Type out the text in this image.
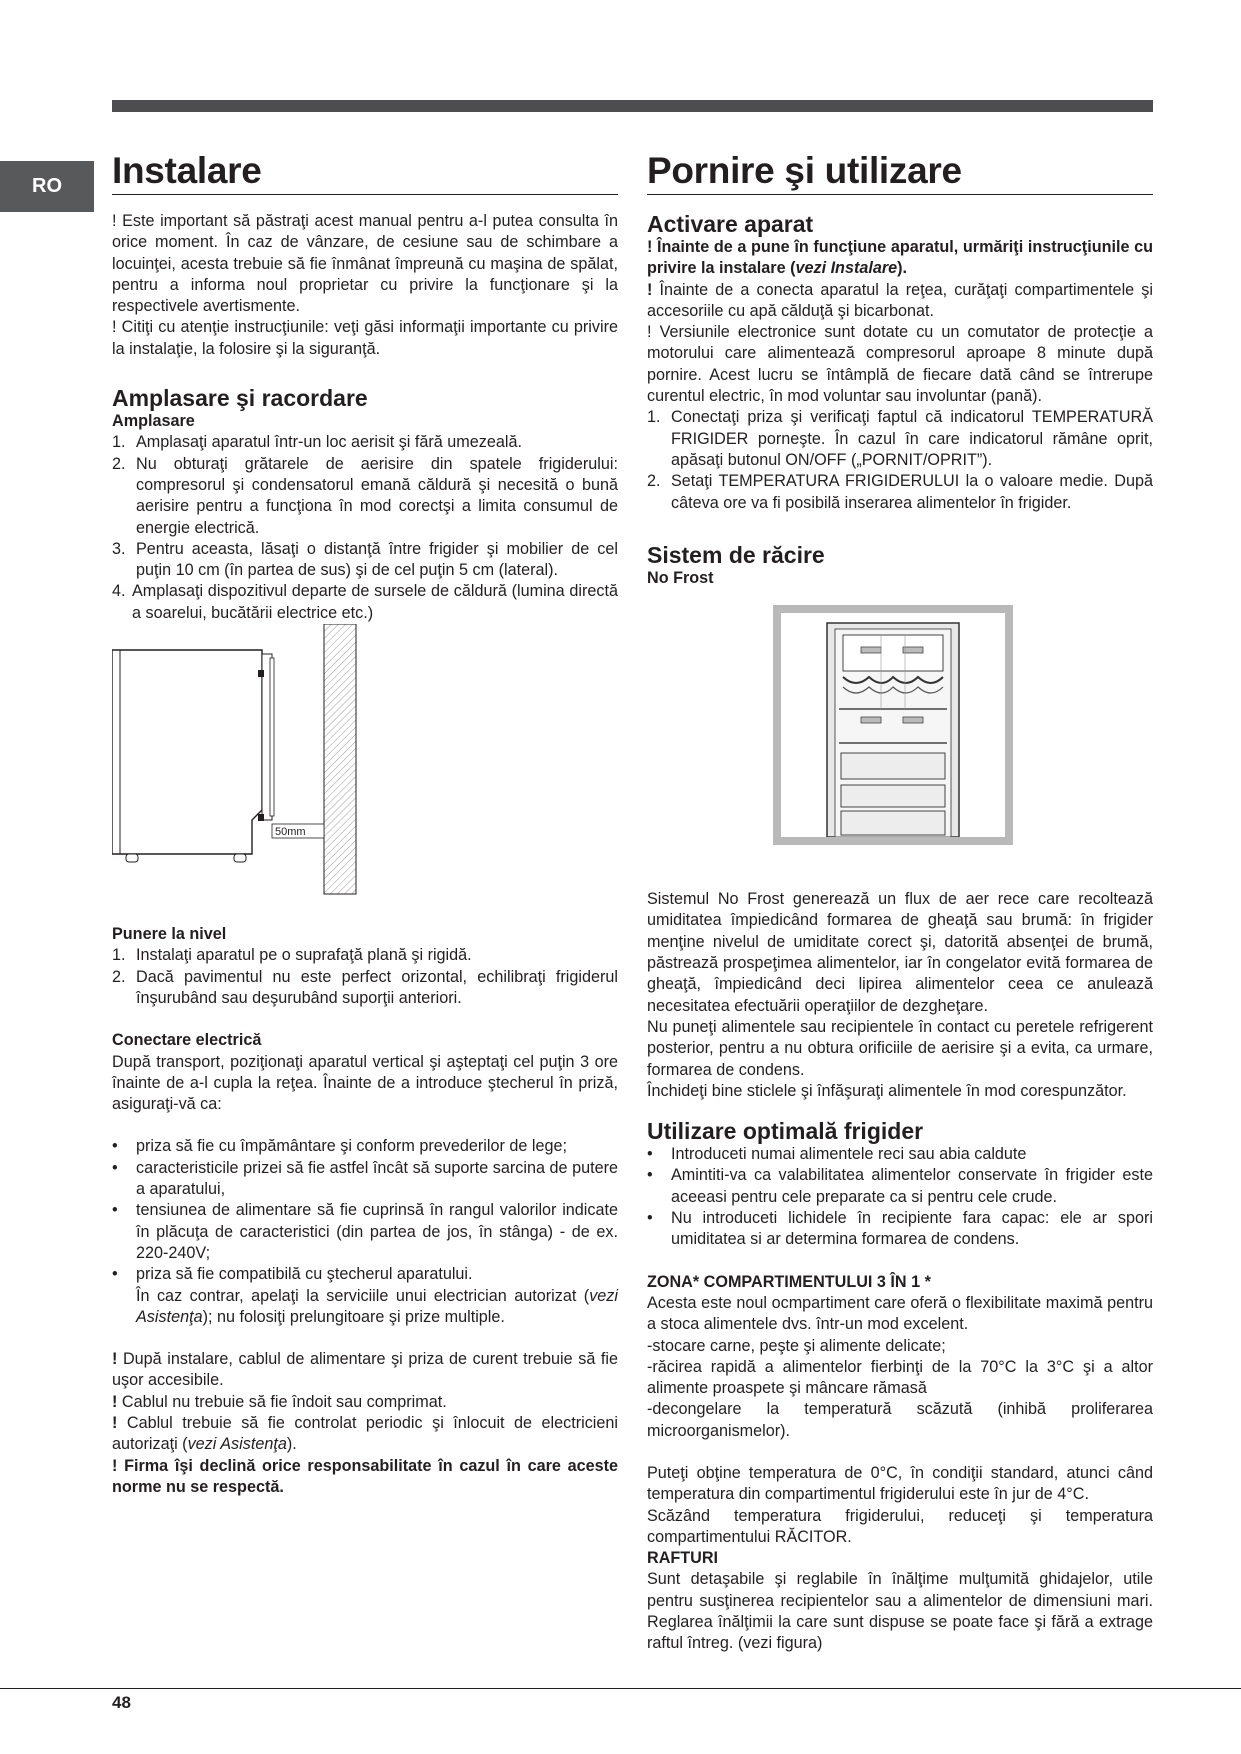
RO Instalare

! Este important să păstraţi acest manual pentru a-l putea consulta în orice moment. În caz de vânzare, de cesiune sau de schimbare a locuinţei, acesta trebuie să fie înmânat împreună cu maşina de spălat, pentru a informa noul proprietar cu privire la funcţionare şi la respectivele avertismente.

! Citiţi cu atenţie instrucţiunile: veţi găsi informaţii importante cu privire la instalaţie, la folosire şi la siguranţă.

Amplasare şi racordare

Amplasare

1. Amplasaţi aparatul într-un loc aerisit şi fără umezeală.
2. Nu obturaţi grătarele de aerisire din spatele frigiderului: compresorul şi condensatorul emană căldură şi necesită o bună aerisire pentru a funcţiona în mod corectşi a limita consumul de energie electrică.
3. Pentru aceasta, lăsaţi o distanţă între frigider şi mobilier de cel puţin 10 cm (în partea de sus) şi de cel puţin 5 cm (lateral).
4. Amplasaţi dispozitivul departe de sursele de căldură (lumina directă a soarelui, bucătării electrice etc.)
50mm

Punere la nivel

1. Instalaţi aparatul pe o suprafaţă plană şi rigidă.
2. Dacă pavimentul nu este perfect orizontal, echilibraţi frigiderul înşurubând sau deşurubând suporţii anteriori.

Conectare electrică

După transport, poziţionaţi aparatul vertical şi aşteptaţi cel puţin 3 ore înainte de a-l cupla la reţea. Înainte de a introduce ştecherul în priză, asiguraţi-vă ca:

•	priza să fie cu împământare şi conform prevederilor de lege;
•	caracteristicile prizei să fie astfel încât să suporte sarcina de putere a aparatului,
•	tensiunea de alimentare să fie cuprinsă în rangul valorilor indicate în plăcuţa de caracteristici (din partea de jos, în stânga) - de ex. 220-240V;
•	priza să fie compatibilă cu ştecherul aparatului.
În caz contrar, apelaţi la serviciile unui electrician autorizat (vezi Asistenţa); nu folosiţi prelungitoare şi prize multiple.

! După instalare, cablul de alimentare şi priza de curent trebuie să fie uşor accesibile.

! Cablul nu trebuie să fie îndoit sau comprimat.

! Cablul trebuie să fie controlat periodic şi înlocuit de electricieni autorizaţi (vezi Asistenţa).

! Firma îşi declină orice responsabilitate în cazul în care aceste norme nu se respectă.

Pornire şi utilizare
Activare aparat

! Înainte de a pune în funcţiune aparatul, urmăriţi instrucţiunile cu privire la instalare (vezi Instalare).

! Înainte de a conecta aparatul la reţea, curăţaţi compartimentele şi accesoriile cu apă călduţă şi bicarbonat.

! Versiunile electronice sunt dotate cu un comutator de protecţie a motorului care alimentează compresorul aproape 8 minute după pornire. Acest lucru se întâmplă de fiecare dată când se întrerupe curentul electric, în mod voluntar sau involuntar (pană).

1. Conectaţi priza şi verificaţi faptul că indicatorul TEMPERATURĂ FRIGIDER porneşte. În cazul în care indicatorul rămâne oprit, apăsaţi butonul ON/OFF („PORNIT/OPRIT”).
2. Setaţi TEMPERATURA FRIGIDERULUI la o valoare medie. După câteva ore va fi posibilă inserarea alimentelor în frigider.
Sistem de răcire

No Frost

Sistemul No Frost generează un flux de aer rece care recoltează umiditatea împiedicând formarea de gheaţă sau brumă: în frigider menţine nivelul de umiditate corect şi, datorită absenţei de brumă, păstrează prospeţimea alimentelor, iar în congelator evită formarea de gheaţă, împiedicând deci lipirea alimentelor ceea ce anulează necesitatea efectuării operaţiilor de dezgheţare.

Nu puneţi alimentele sau recipientele în contact cu peretele refrigerent posterior, pentru a nu obtura orificiile de aerisire şi a evita, ca urmare, formarea de condens.

Închideţi bine sticlele şi înfăşuraţi alimentele în mod corespunzător.

Utilizare optimală frigider
•	Introduceti numai alimentele reci sau abia caldute
•	Amintiti-va ca valabilitatea alimentelor conservate în frigider este aceeasi pentru cele preparate ca si pentru cele crude.
•	Nu introduceti lichidele în recipiente fara capac: ele ar spori umiditatea si ar determina formarea de condens.

ZONA* COMPARTIMENTULUI 3 ÎN 1 *

Acesta este noul ocmpartiment care oferă o flexibilitate maximă pentru a stoca alimentele dvs. într-un mod excelent.

-stocare carne, peşte şi alimente delicate;

-răcirea rapidă a alimentelor fierbinţi de la 70°C la 3°C şi a altor alimente proaspete şi mâncare rămasă

-decongelare la temperatură scăzută (inhibă proliferarea microorganismelor).

Puteţi obţine temperatura de 0°C, în condiţii standard, atunci când temperatura din compartimentul frigiderului este în jur de 4°C.

Scăzând temperatura frigiderului, reduceţi şi temperatura compartimentului RĂCITOR.

RAFTURI

Sunt detaşabile şi reglabile în înălţime mulţumită ghidajelor, utile pentru susţinerea recipientelor sau a alimentelor de dimensiuni mari. Reglarea înălţimii la care sunt dispuse se poate face şi fără a extrage raftul întreg. (vezi figura)

48
